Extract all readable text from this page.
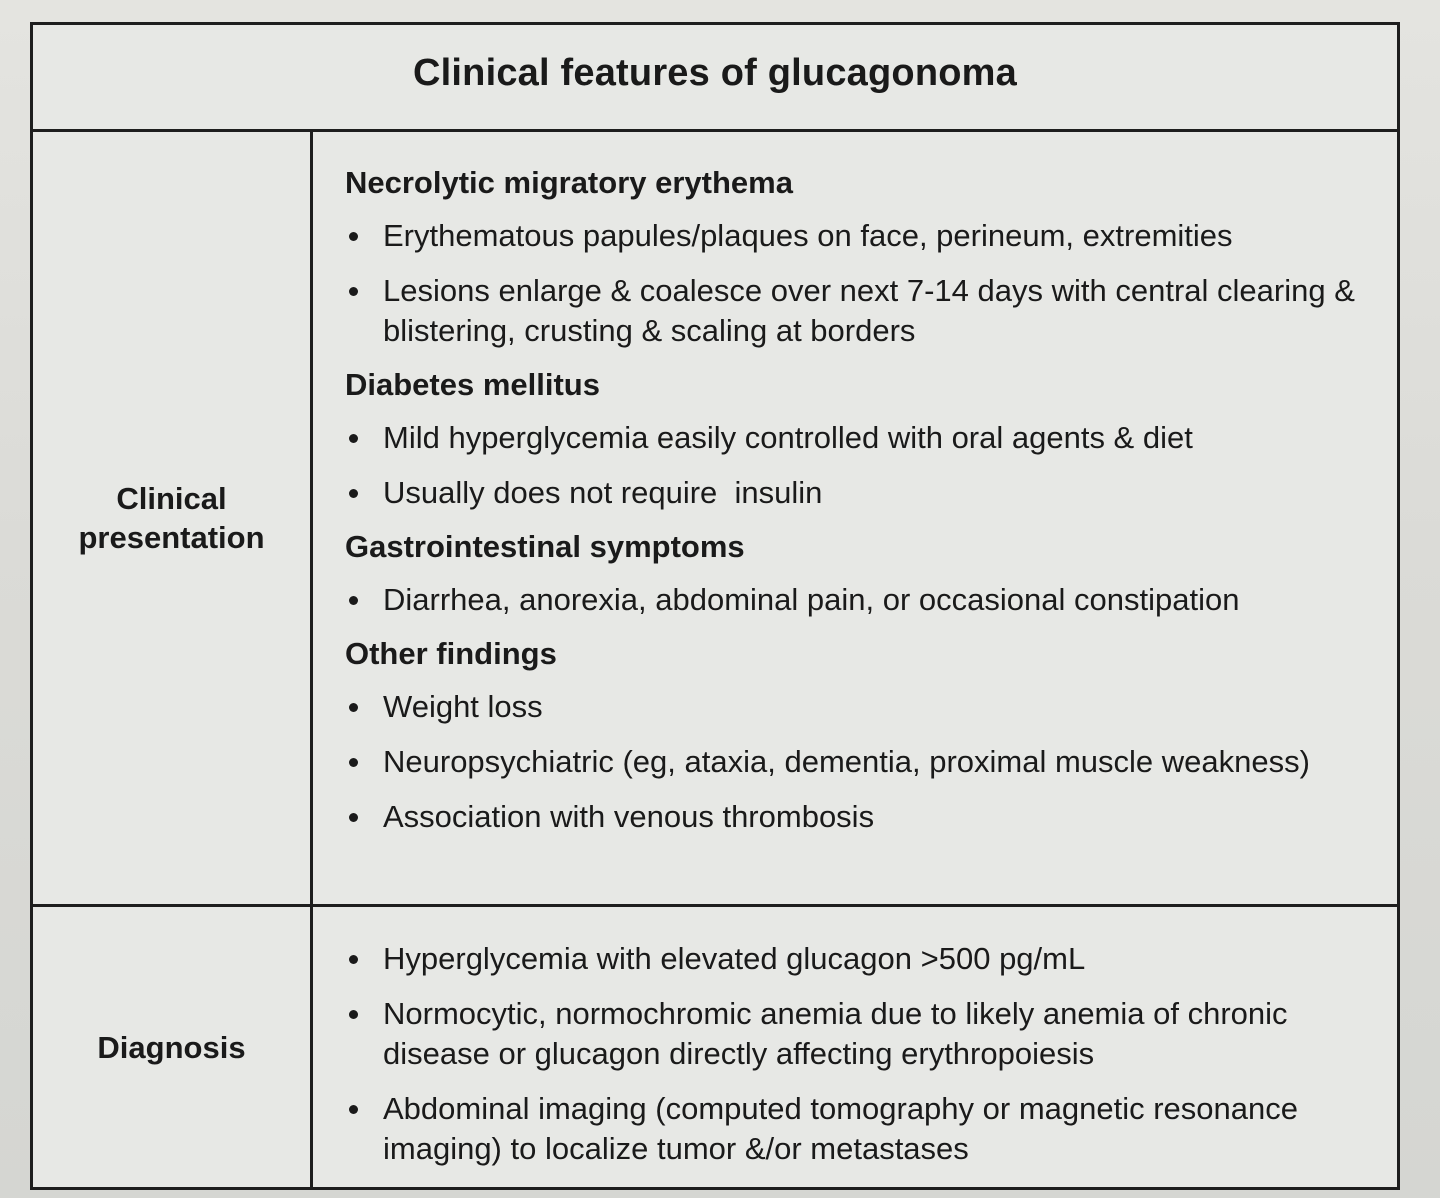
Clinical features of glucagonoma
Clinical
presentation
Necrolytic migratory erythema
Erythematous papules/plaques on face, perineum, extremities
Lesions enlarge & coalesce over next 7-14 days with central clearing & blistering, crusting & scaling at borders
Diabetes mellitus
Mild hyperglycemia easily controlled with oral agents & diet
Usually does not require  insulin
Gastrointestinal symptoms
Diarrhea, anorexia, abdominal pain, or occasional constipation
Other findings
Weight loss
Neuropsychiatric (eg, ataxia, dementia, proximal muscle weakness)
Association with venous thrombosis
Diagnosis
Hyperglycemia with elevated glucagon >500 pg/mL
Normocytic, normochromic anemia due to likely anemia of chronic disease or glucagon directly affecting erythropoiesis
Abdominal imaging (computed tomography or magnetic resonance imaging) to localize tumor &/or metastases
